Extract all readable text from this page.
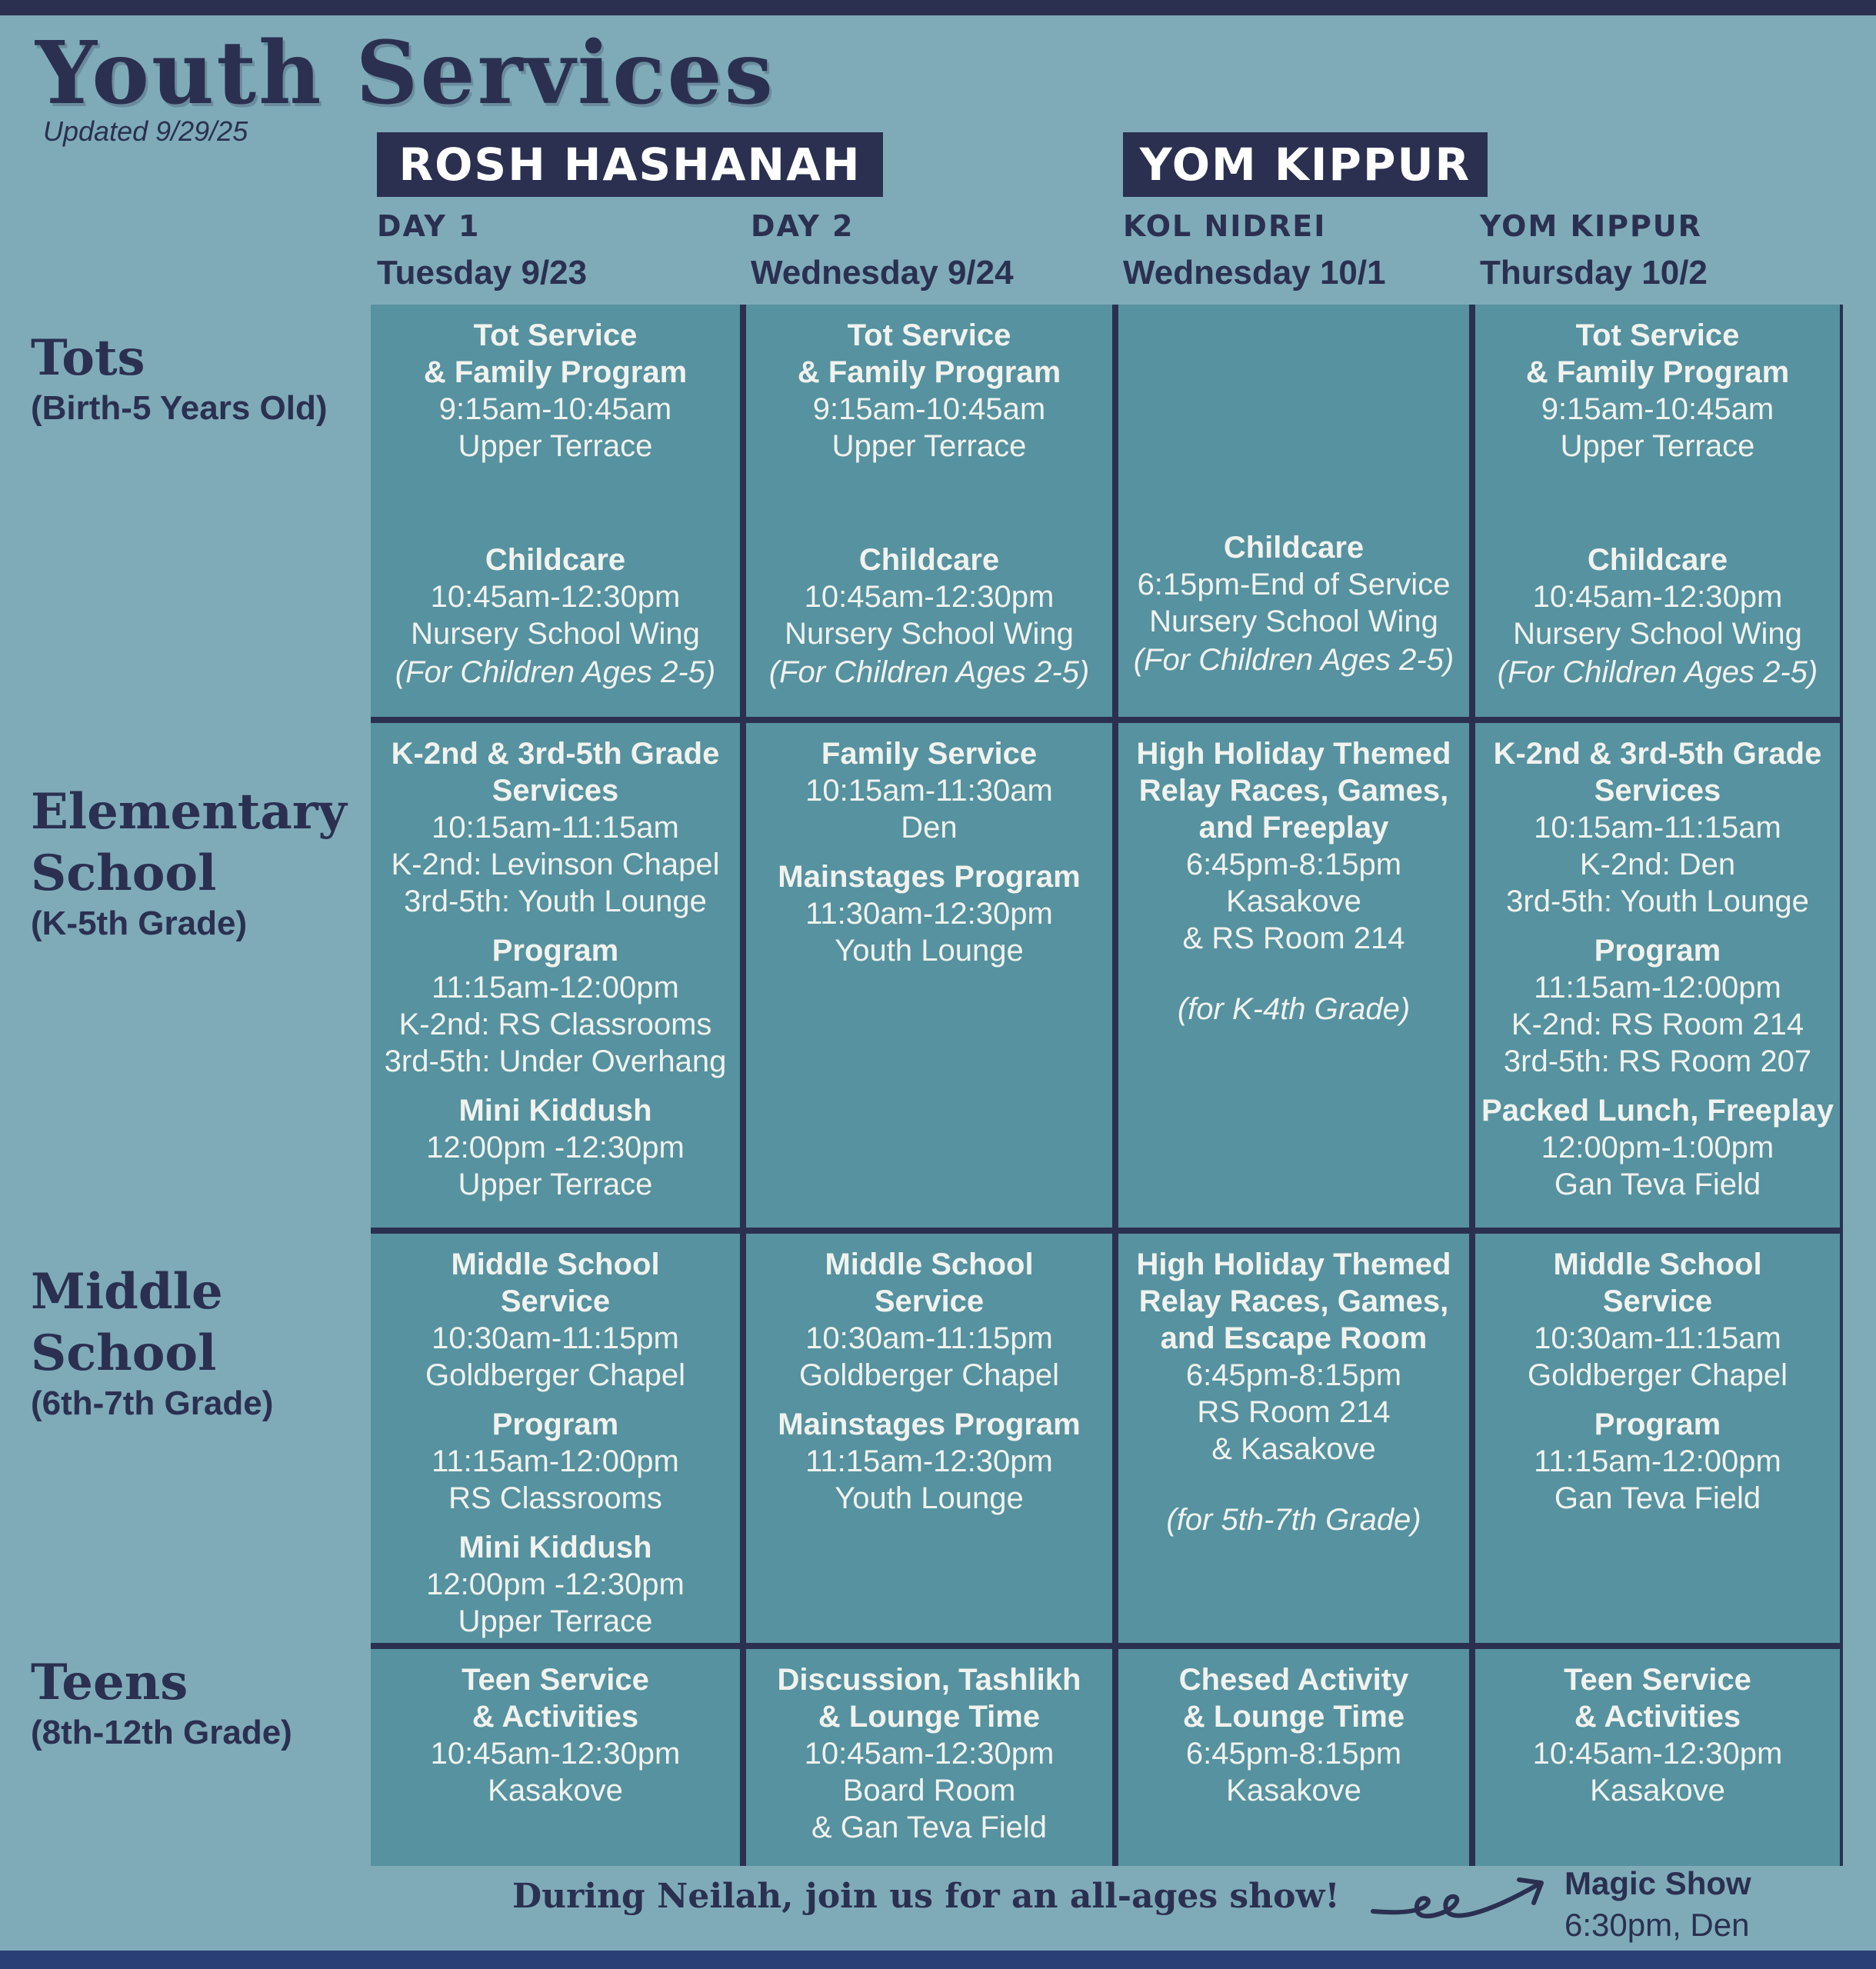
Youth Services
Updated 9/29/25
ROSH HASHANAH	YOM KIPPUR
DAY 1
Tuesday 9/23
DAY 2
Wednesday 9/24
KOL NIDREI
Wednesday 10/1
YOM KIPPUR
Thursday 10/2
Tots
(Birth-5 Years Old)
Elementary
School
(K-5th Grade)
Middle
School
(6th-7th Grade)
Teens
(8th-12th Grade)
Tot Service
& Family Program
9:15am-10:45am
Upper Terrace
Childcare
10:45am-12:30pm
Nursery School Wing
(For Children Ages 2-5)
Tot Service
& Family Program
9:15am-10:45am
Upper Terrace
Childcare
10:45am-12:30pm
Nursery School Wing
(For Children Ages 2-5)
Childcare
6:15pm-End of Service
Nursery School Wing
(For Children Ages 2-5)
Tot Service
& Family Program
9:15am-10:45am
Upper Terrace
Childcare
10:45am-12:30pm
Nursery School Wing
(For Children Ages 2-5)
K-2nd & 3rd-5th Grade
Services
10:15am-11:15am
K-2nd: Levinson Chapel
3rd-5th: Youth Lounge
Program
11:15am-12:00pm
K-2nd: RS Classrooms
3rd-5th: Under Overhang
Mini Kiddush
12:00pm -12:30pm
Upper Terrace
Family Service
10:15am-11:30am
Den
Mainstages Program
11:30am-12:30pm
Youth Lounge
High Holiday Themed
Relay Races, Games,
and Freeplay
6:45pm-8:15pm
Kasakove
& RS Room 214
(for K-4th Grade)
K-2nd & 3rd-5th Grade
Services
10:15am-11:15am
K-2nd: Den
3rd-5th: Youth Lounge
Program
11:15am-12:00pm
K-2nd: RS Room 214
3rd-5th: RS Room 207
Packed Lunch, Freeplay
12:00pm-1:00pm
Gan Teva Field
Middle School
Service
10:30am-11:15pm
Goldberger Chapel
Program
11:15am-12:00pm
RS Classrooms
Mini Kiddush
12:00pm -12:30pm
Upper Terrace
Middle School
Service
10:30am-11:15pm
Goldberger Chapel
Mainstages Program
11:15am-12:30pm
Youth Lounge
High Holiday Themed
Relay Races, Games,
and Escape Room
6:45pm-8:15pm
RS Room 214
& Kasakove
(for 5th-7th Grade)
Middle School
Service
10:30am-11:15am
Goldberger Chapel
Program
11:15am-12:00pm
Gan Teva Field
Teen Service
& Activities
10:45am-12:30pm
Kasakove
Discussion, Tashlikh
& Lounge Time
10:45am-12:30pm
Board Room
& Gan Teva Field
Chesed Activity
& Lounge Time
6:45pm-8:15pm
Kasakove
Teen Service
& Activities
10:45am-12:30pm
Kasakove
During Neilah, join us for an all-ages show!	Magic Show
6:30pm, Den
